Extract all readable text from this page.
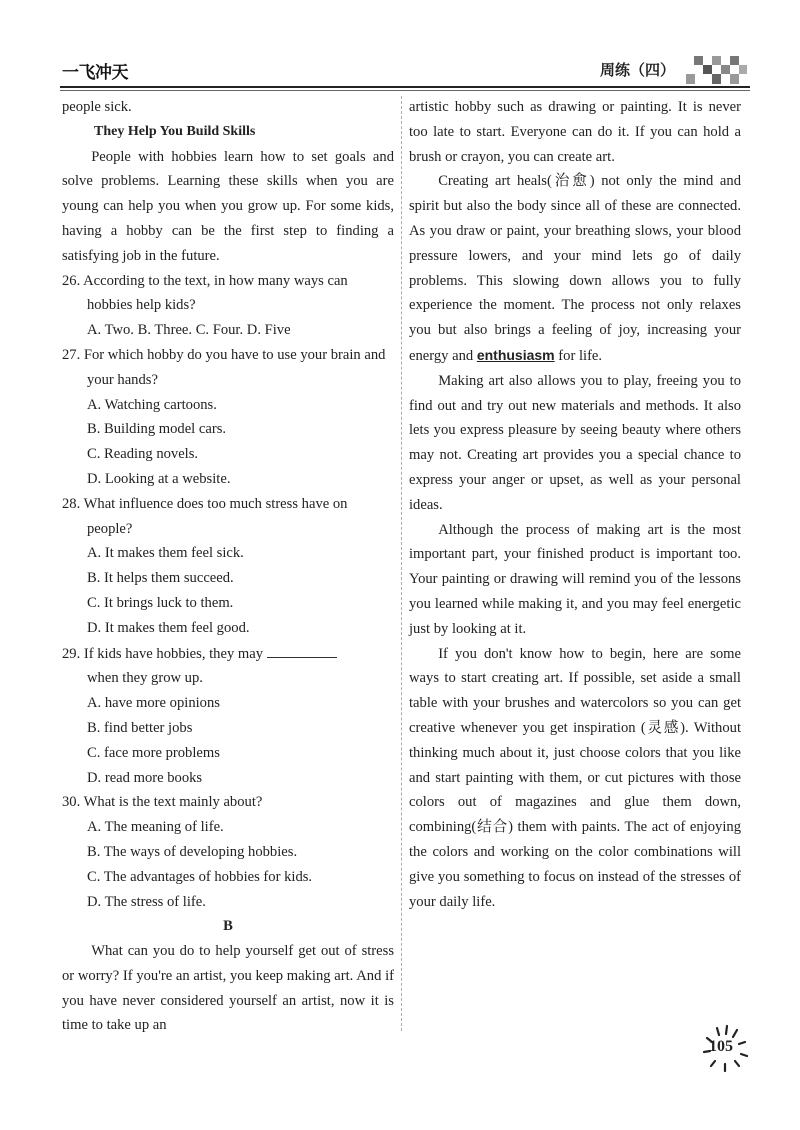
一飞冲天	周练（四）

people sick.

They Help You Build Skills

People with hobbies learn how to set goals and solve problems. Learning these skills when you are young can help you when you grow up. For some kids, having a hobby can be the first step to finding a satisfying job in the future.

26. According to the text, in how many ways can hobbies help kids?
A. Two. B. Three. C. Four. D. Five
27. For which hobby do you have to use your brain and your hands?
A. Watching cartoons.
B. Building model cars.
C. Reading novels.
D. Looking at a website.
28. What influence does too much stress have on people?
A. It makes them feel sick.
B. It helps them succeed.
C. It brings luck to them.
D. It makes them feel good.
29. If kids have hobbies, they may
when they grow up.
A. have more opinions
B. find better jobs
C. face more problems
D. read more books
30. What is the text mainly about?
A. The meaning of life.
B. The ways of developing hobbies.
C. The advantages of hobbies for kids.
D. The stress of life.
B

What can you do to help yourself get out of stress or worry? If you're an artist, you keep making art. And if you have never considered yourself an artist, now it is time to take up an

artistic hobby such as drawing or painting. It is never too late to start. Everyone can do it. If you can hold a brush or crayon, you can create art.

Creating art heals(治愈) not only the mind and spirit but also the body since all of these are connected. As you draw or paint, your breathing slows, your blood pressure lowers, and your mind lets go of daily problems. This slowing down allows you to fully experience the moment. The process not only relaxes you but also brings a feeling of joy, increasing your energy and enthusiasm for life.

Making art also allows you to play, freeing you to find out and try out new materials and methods. It also lets you express pleasure by seeing beauty where others may not. Creating art provides you a special chance to express your anger or upset, as well as your personal ideas.

Although the process of making art is the most important part, your finished product is important too. Your painting or drawing will remind you of the lessons you learned while making it, and you may feel energetic just by looking at it.

If you don't know how to begin, here are some ways to start creating art. If possible, set aside a small table with your brushes and watercolors so you can get creative whenever you get inspiration (灵感). Without thinking much about it, just choose colors that you like and start painting with them, or cut pictures with those colors out of magazines and glue them down, combining(结合) them with paints. The act of enjoying the colors and working on the color combinations will give you something to focus on instead of the stresses of your daily life.

105
